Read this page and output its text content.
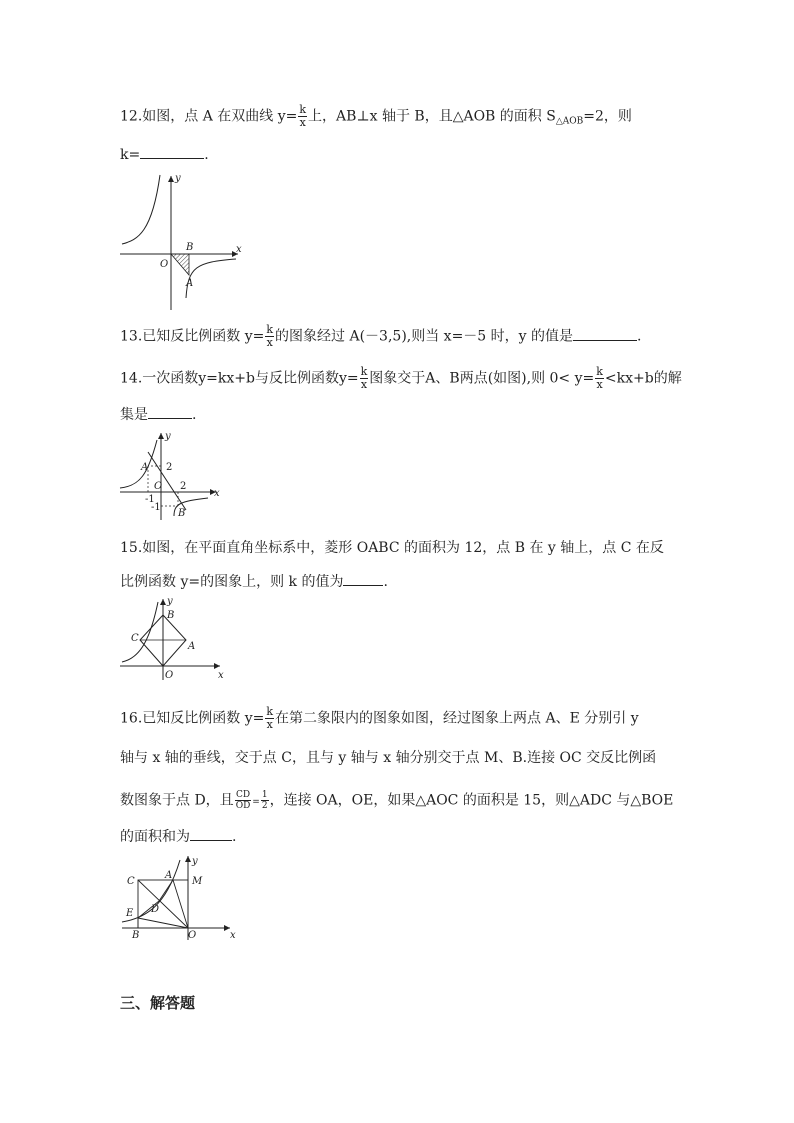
12.如图，点 A 在双曲线 $y= \frac{k}{x}$ 上，AB⊥x 轴于 B，且△AOB 的面积 $S_{\triangle AOB}=2$，则
k=	.
y
x
O
B
A
13.已知反比例函数 $y= \frac{k}{x}$ 的图象经过 A(－3,5),则当 x=－5 时，y 的值是	.
14.一次函数y=kx+b与反比例函数$y= \frac{k}{x}$ 图象交于A、B两点(如图),则 $0< y= \frac{k}{x} <kx+b$的解
集是	.
y
x
A 2
O 2
-1
-1
B
15.如图，在平面直角坐标系中，菱形 OABC 的面积为 12，点 B 在 y 轴上，点 C 在反
比例函数 y=的图象上，则 k 的值为	.
y
x
B
C
A
O
16.已知反比例函数 $y= \frac{k}{x}$ 在第二象限内的图象如图，经过图象上两点 A、E 分别引 y
轴与 x 轴的垂线，交于点 C，且与 y 轴与 x 轴分别交于点 M、B.连接 OC 交反比例函
数图象于点 D，且 $\frac{CD}{OD} = \frac{1}{2}$ ，连接 OA，OE，如果△AOC 的面积是 15，则△ADC 与△BOE
的面积和为	.
y
x
C
A
M
E D
B	O
三、解答题
